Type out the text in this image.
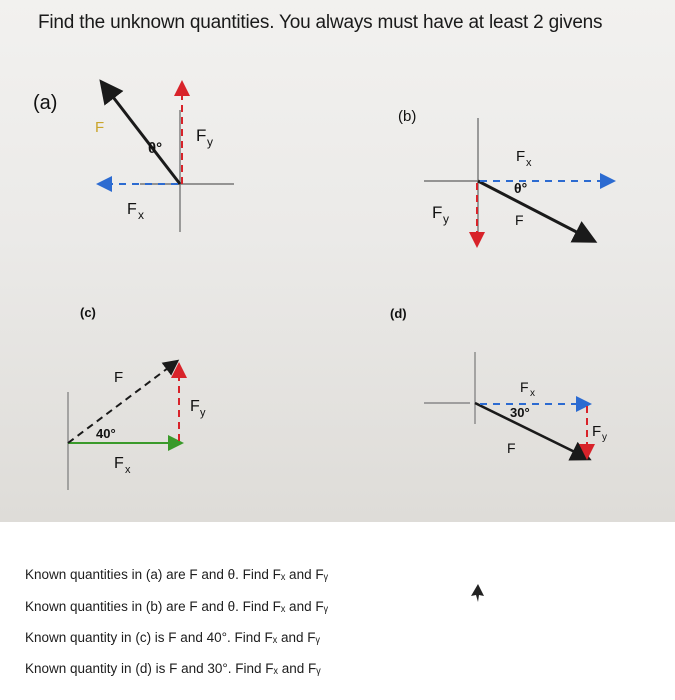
Find the unknown quantities. You always must have at least 2 givens
(a)
(b)
(c)	(d)
F
θ°
F y
F x
F x
θ°
F
F y
F
40°
F y
F x
F x
30°
F
F y
Known quantities in (a) are F and θ. Find Fₓ and Fᵧ
Known quantities in (b) are F and θ. Find Fₓ and Fᵧ
Known quantity in (c) is F and 40°. Find Fₓ and Fᵧ
Known quantity in (d) is F and 30°. Find Fₓ and Fᵧ
